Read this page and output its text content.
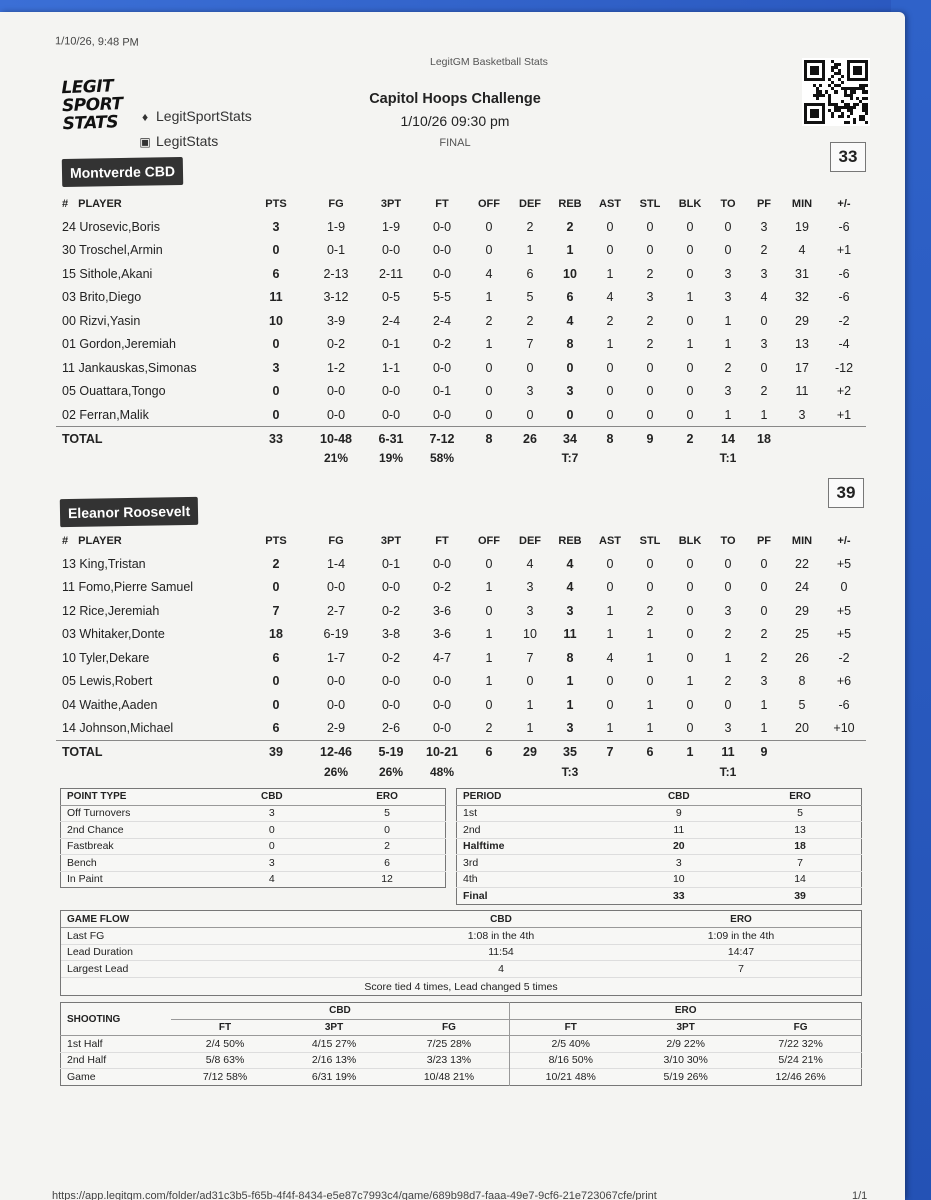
1/10/26, 9:48 PM
LegitGM Basketball Stats
LEGIT
SPORT
STATS	♦ LegitSportStats
▣ LegitStats
Capitol Hoops Challenge
1/10/26 09:30 pm
FINAL
Montverde CBD
33
# PLAYER	PTS	FG	3PT	FT	OFF	DEF	REB	AST	STL	BLK	TO	PF	MIN	+/-
24 Urosevic,Boris	3	1-9	1-9	0-0	0	2	2	0	0	0	0	3	19	-6
30 Troschel,Armin	0	0-1	0-0	0-0	0	1	1	0	0	0	0	2	4	+1
15 Sithole,Akani	6	2-13	2-11	0-0	4	6	10	1	2	0	3	3	31	-6
03 Brito,Diego	11	3-12	0-5	5-5	1	5	6	4	3	1	3	4	32	-6
00 Rizvi,Yasin	10	3-9	2-4	2-4	2	2	4	2	2	0	1	0	29	-2
01 Gordon,Jeremiah	0	0-2	0-1	0-2	1	7	8	1	2	1	1	3	13	-4
11 Jankauskas,Simonas	3	1-2	1-1	0-0	0	0	0	0	0	0	2	0	17	-12
05 Ouattara,Tongo	0	0-0	0-0	0-1	0	3	3	0	0	0	3	2	11	+2
02 Ferran,Malik	0	0-0	0-0	0-0	0	0	0	0	0	0	1	1	3	+1
TOTAL	33	10-48	6-31	7-12	8	26	34	8	9	2	14	18		
		21%	19%	58%			T:7				T:1			
Eleanor Roosevelt
39
# PLAYER	PTS	FG	3PT	FT	OFF	DEF	REB	AST	STL	BLK	TO	PF	MIN	+/-
13 King,Tristan	2	1-4	0-1	0-0	0	4	4	0	0	0	0	0	22	+5
11 Fomo,Pierre Samuel	0	0-0	0-0	0-2	1	3	4	0	0	0	0	0	24	0
12 Rice,Jeremiah	7	2-7	0-2	3-6	0	3	3	1	2	0	3	0	29	+5
03 Whitaker,Donte	18	6-19	3-8	3-6	1	10	11	1	1	0	2	2	25	+5
10 Tyler,Dekare	6	1-7	0-2	4-7	1	7	8	4	1	0	1	2	26	-2
05 Lewis,Robert	0	0-0	0-0	0-0	1	0	1	0	0	1	2	3	8	+6
04 Waithe,Aaden	0	0-0	0-0	0-0	0	1	1	0	1	0	0	1	5	-6
14 Johnson,Michael	6	2-9	2-6	0-0	2	1	3	1	1	0	3	1	20	+10
TOTAL	39	12-46	5-19	10-21	6	29	35	7	6	1	11	9		
		26%	26%	48%			T:3				T:1			
POINT TYPE	CBD	ERO
Off Turnovers	3	5
2nd Chance	0	0
Fastbreak	0	2
Bench	3	6
In Paint	4	12
PERIOD	CBD	ERO
1st	9	5
2nd	11	13
Halftime	20	18
3rd	3	7
4th	10	14
Final	33	39
GAME FLOW	CBD	ERO
Last FG	1:08 in the 4th	1:09 in the 4th
Lead Duration	11:54	14:47
Largest Lead	4	7
Score tied 4 times, Lead changed 5 times
SHOOTING	CBD			ERO		
	FT	3PT	FG	FT	3PT	FG
1st Half	2/4 50%	4/15 27%	7/25 28%	2/5 40%	2/9 22%	7/22 32%
2nd Half	5/8 63%	2/16 13%	3/23 13%	8/16 50%	3/10 30%	5/24 21%
Game	7/12 58%	6/31 19%	10/48 21%	10/21 48%	5/19 26%	12/46 26%
https://app.legitgm.com/folder/ad31c3b5-f65b-4f4f-8434-e5e87c7993c4/game/689b98d7-faaa-49e7-9cf6-21e723067cfe/print	1/1
